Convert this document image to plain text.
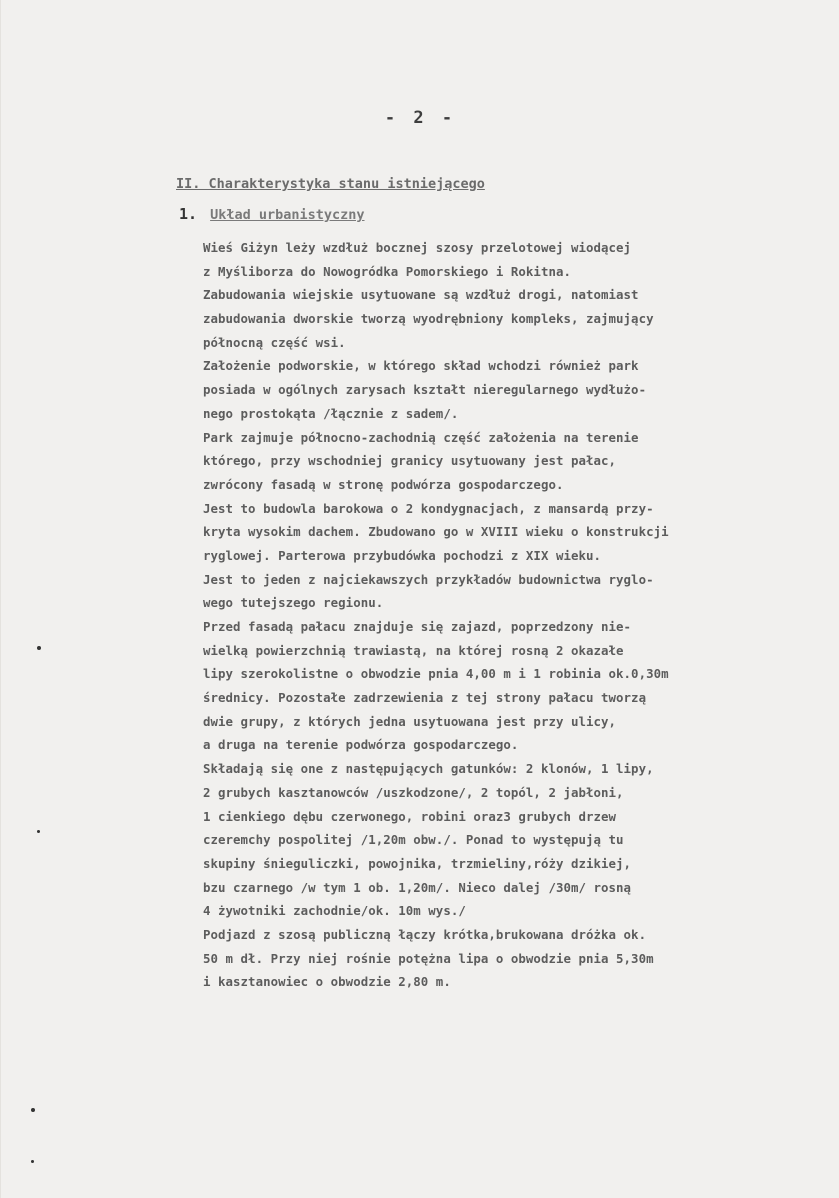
- 2 -
II. Charakterystyka stanu istniejącego
1. Układ urbanistyczny
Wieś Giżyn leży wzdłuż bocznej szosy przelotowej wiodącej
z Myśliborza do Nowogródka Pomorskiego i Rokitna.
Zabudowania wiejskie usytuowane są wzdłuż drogi, natomiast
zabudowania dworskie tworzą wyodrębniony kompleks, zajmujący
północną część wsi.
Założenie podworskie, w którego skład wchodzi również park
posiada w ogólnych zarysach kształt nieregularnego wydłużo-
nego prostokąta /łącznie z sadem/.
Park zajmuje północno-zachodnią część założenia na terenie
którego, przy wschodniej granicy usytuowany jest pałac,
zwrócony fasadą w stronę podwórza gospodarczego.
Jest to budowla barokowa o 2 kondygnacjach, z mansardą przy-
kryta wysokim dachem. Zbudowano go w XVIII wieku o konstrukcji
ryglowej. Parterowa przybudówka pochodzi z XIX wieku.
Jest to jeden z najciekawszych przykładów budownictwa ryglo-
wego tutejszego regionu.
Przed fasadą pałacu znajduje się zajazd, poprzedzony nie-
wielką powierzchnią trawiastą, na której rosną 2 okazałe
lipy szerokolistne o obwodzie pnia 4,00 m i 1 robinia ok.0,30m
średnicy. Pozostałe zadrzewienia z tej strony pałacu tworzą
dwie grupy, z których jedna usytuowana jest przy ulicy,
a druga na terenie podwórza gospodarczego.
Składają się one z następujących gatunków: 2 klonów, 1 lipy,
2 grubych kasztanowców /uszkodzone/, 2 topól, 2 jabłoni,
1 cienkiego dębu czerwonego, robini oraz3 grubych drzew
czeremchy pospolitej /1,20m obw./. Ponad to występują tu
skupiny śnieguliczki, powojnika, trzmieliny,róży dzikiej,
bzu czarnego /w tym 1 ob. 1,20m/. Nieco dalej /30m/ rosną
4 żywotniki zachodnie/ok. 10m wys./
Podjazd z szosą publiczną łączy krótka,brukowana dróżka ok.
50 m dł. Przy niej rośnie potężna lipa o obwodzie pnia 5,30m
i kasztanowiec o obwodzie 2,80 m.
